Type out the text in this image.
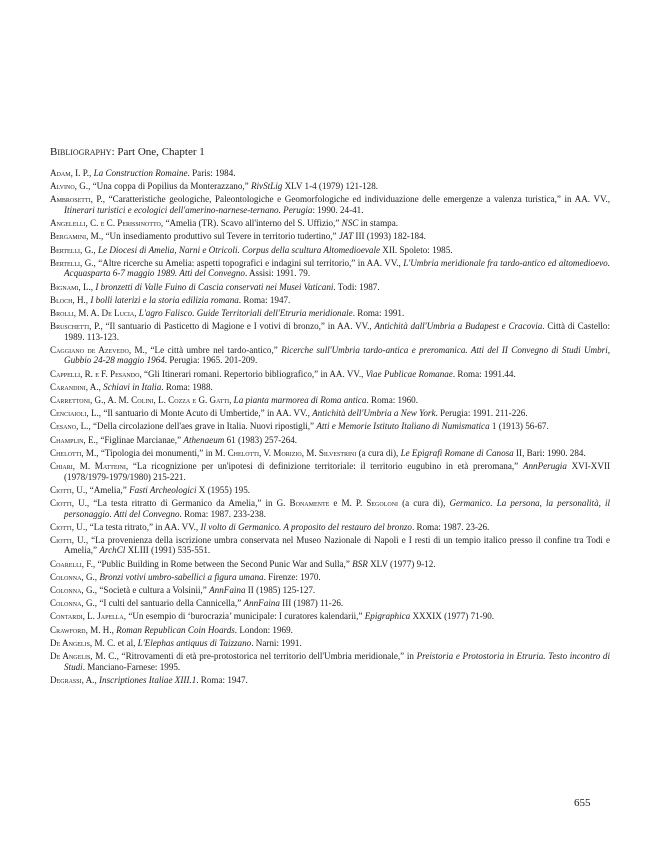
Bibliography: Part One, Chapter 1
Adam, I. P., La Construction Romaine. Paris: 1984.
Alvino, G., “Una coppa di Popilius da Monterazzano,” RivStLig XLV 1-4 (1979) 121-128.
Ambrosetti, P., “Caratteristiche geologiche, Paleontologiche e Geomorfologiche ed individuazione delle emergenze a valenza turistica,” in AA. VV., Itinerari turistici e ecologici dell'amerino-narnese-ternano. Perugia: 1990. 24-41.
Angelelli, C. e C. Perissinotto, “Amelia (TR). Scavo all'interno del S. Uffizio,” NSC in stampa.
Bergamini, M., “Un insediamento produttivo sul Tevere in territorio tudertino,” JAT III (1993) 182-184.
Bertelli, G., Le Diocesi di Amelia, Narni e Otricoli. Corpus della scultura Altomedioevale XII. Spoleto: 1985.
Bertelli, G., “Altre ricerche su Amelia: aspetti topografici e indagini sul territorio,” in AA. VV., L'Umbria meridionale fra tardo-antico ed altomedioevo. Acquasparta 6-7 maggio 1989. Atti del Convegno. Assisi: 1991. 79.
Bignami, L., I bronzetti di Valle Fuino di Cascia conservati nei Musei Vaticani. Todi: 1987.
Bloch, H., I bolli laterizi e la storia edilizia romana. Roma: 1947.
Brolli, M. A. De Lucia, L'agro Falisco. Guide Territoriali dell'Etruria meridionale. Roma: 1991.
Bruschetti, P., “Il santuario di Pasticetto di Magione e I votivi di bronzo,” in AA. VV., Antichità dall'Umbria a Budapest e Cracovia. Città di Castello: 1989. 113-123.
Caggiano de Azevedo, M., “Le città umbre nel tardo-antico,” Ricerche sull'Umbria tardo-antica e preromanica. Atti del II Convegno di Studi Umbri, Gubbio 24-28 maggio 1964. Perugia: 1965. 201-209.
Cappelli, R. e F. Pesando, “Gli Itinerari romani. Repertorio bibliografico,” in AA. VV., Viae Publicae Romanae. Roma: 1991.44.
Carandini, A., Schiavi in Italia. Roma: 1988.
Carrettoni, G., A. M. Colini, L. Cozza e G. Gatti, La pianta marmorea di Roma antica. Roma: 1960.
Cenciaioli, L., “Il santuario di Monte Acuto di Umbertide,” in AA. VV., Antichità dell'Umbria a New York. Perugia: 1991. 211-226.
Cesano, L., “Della circolazione dell'aes grave in Italia. Nuovi ripostigli,” Atti e Memorie Istituto Italiano di Numismatica 1 (1913) 56-67.
Champlin, E., “Figlinae Marcianae,” Athenaeum 61 (1983) 257-264.
Chelotti, M., “Tipologia dei monumenti,” in M. Chelotti, V. Morizio, M. Silvestrini (a cura di), Le Epigrafi Romane di Canosa II, Bari: 1990. 284.
Chiari, M. Matteini, “La ricognizione per un'ipotesi di definizione territoriale: il territorio eugubino in età preromana,” AnnPerugia XVI-XVII (1978/1979-1979/1980) 215-221.
Ciotti, U., “Amelia,” Fasti Archeologici X (1955) 195.
Ciotti, U., “La testa ritratto di Germanico da Amelia,” in G. Bonamente e M. P. Segoloni (a cura di), Germanico. La persona, la personalità, il personaggio. Atti del Convegno. Roma: 1987. 233-238.
Ciotti, U., “La testa ritrato,” in AA. VV., Il volto di Germanico. A proposito del restauro del bronzo. Roma: 1987. 23-26.
Ciotti, U., “La provenienza della iscrizione umbra conservata nel Museo Nazionale di Napoli e I resti di un tempio italico presso il confine tra Todi e Amelia,” ArchCl XLIII (1991) 535-551.
Coarelli, F., “Public Building in Rome between the Second Punic War and Sulla,” BSR XLV (1977) 9-12.
Colonna, G., Bronzi votivi umbro-sabellici a figura umana. Firenze: 1970.
Colonna, G., “Società e cultura a Volsinii,” AnnFaina II (1985) 125-127.
Colonna, G., “I culti del santuario della Cannicella,” AnnFaina III (1987) 11-26.
Contardi, L. Japella, “Un esempio di ‘burocrazia’ municipale: I curatores kalendarii,” Epigraphica XXXIX (1977) 71-90.
Crawford, M. H., Roman Republican Coin Hoards. London: 1969.
De Angelis, M. C. et al, L'Elephas antiquus di Taizzano. Narni: 1991.
De Angelis, M. C., “Ritrovamenti di età pre-protostorica nel territorio dell'Umbria meridionale,” in Preistoria e Protostoria in Etruria. Testo incontro di Studi. Manciano-Farnese: 1995.
Degrassi, A., Inscriptiones Italiae XIII.1. Roma: 1947.
655
